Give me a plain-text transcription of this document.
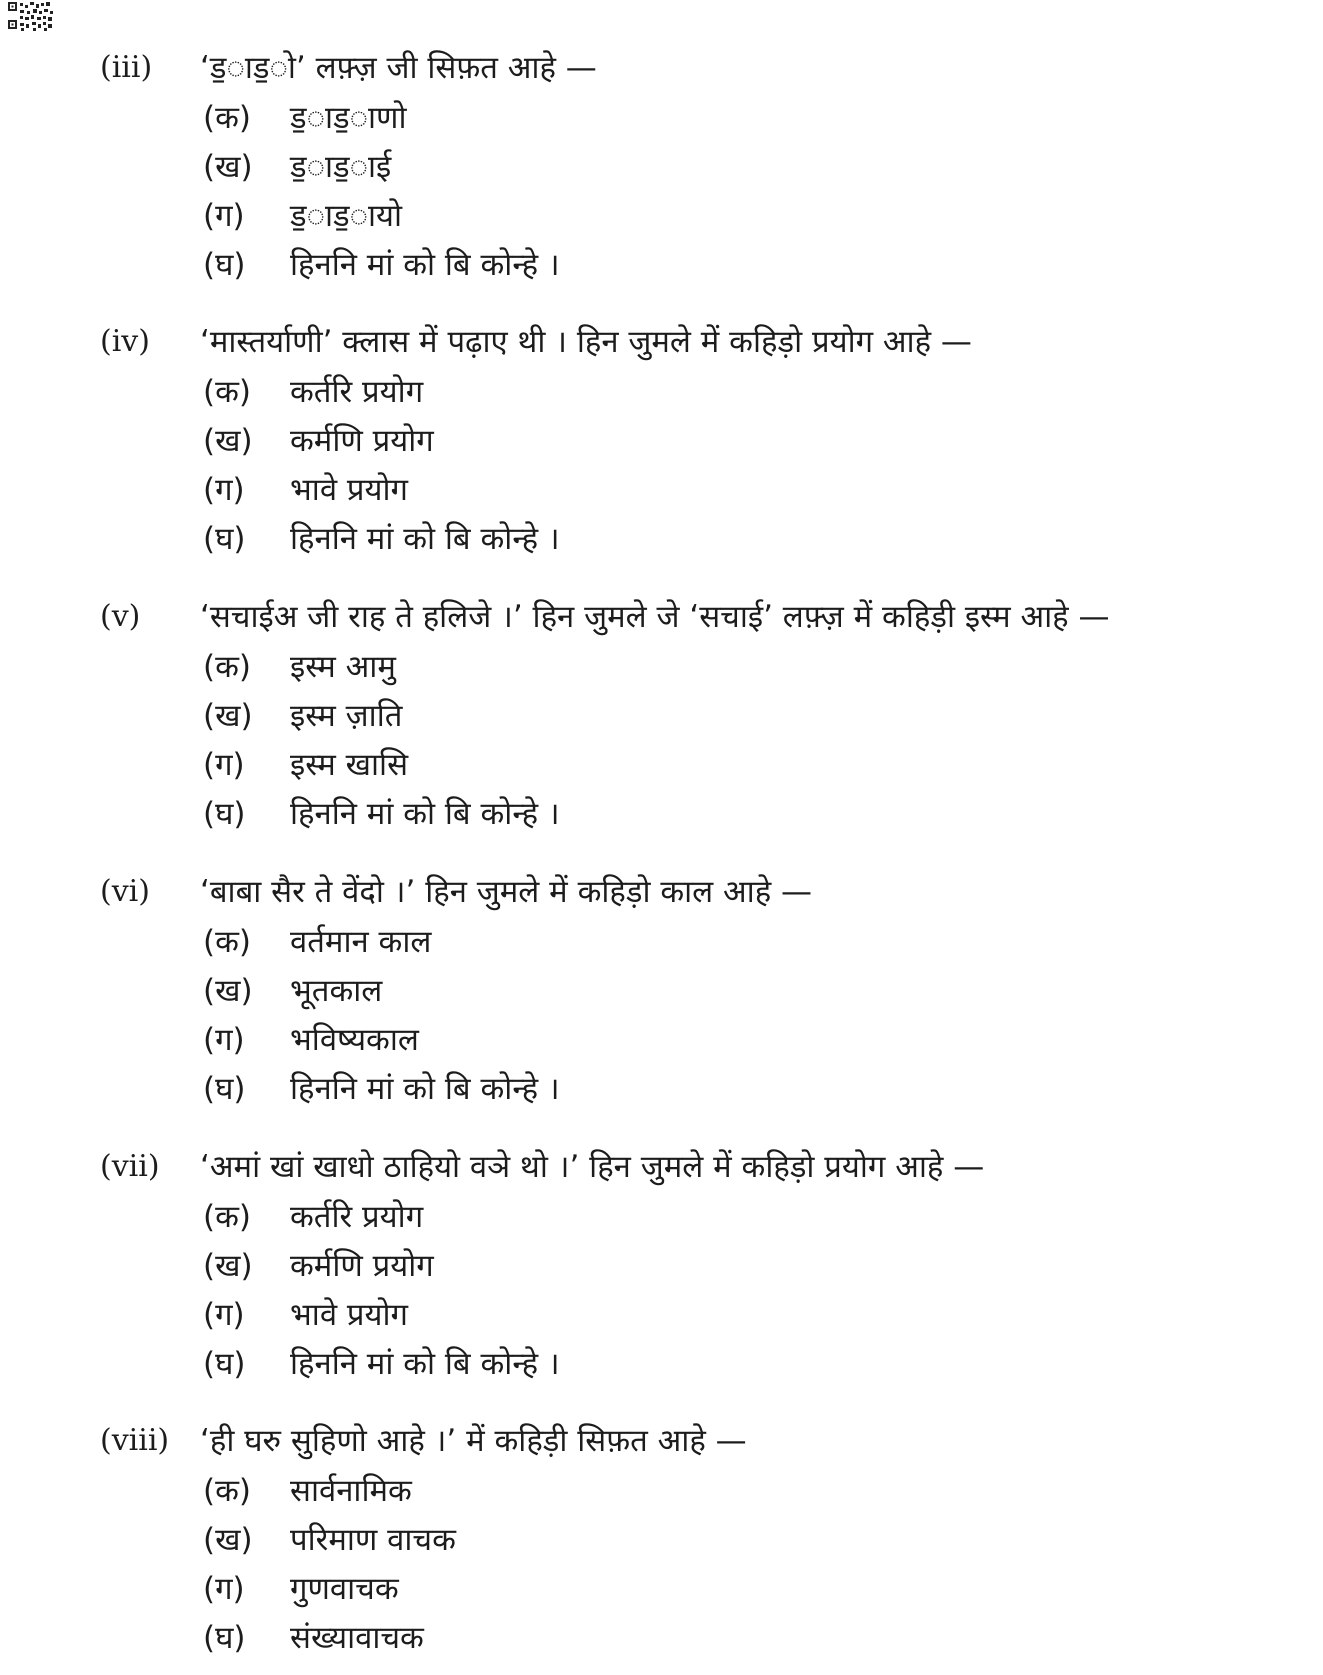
(iii)	‘ड॒ाड॒ो’ लफ़्ज़ जी सिफ़त आहे —
(क) ड॒ाड॒ाणो
(ख) ड॒ाड॒ाई
(ग) ड॒ाड॒ायो
(घ) हिननि मां को बि कोन्हे ।
(iv)	‘मास्तर्याणी’ क्लास में पढ़ाए थी । हिन जुमले में कहिड़ो प्रयोग आहे —
(क) कर्तरि प्रयोग
(ख) कर्मणि प्रयोग
(ग) भावे प्रयोग
(घ) हिननि मां को बि कोन्हे ।
(v)	‘सचाईअ जी राह ते हलिजे ।’ हिन जुमले जे ‘सचाई’ लफ़्ज़ में कहिड़ी इस्म आहे —
(क) इस्म आमु
(ख) इस्म ज़ाति
(ग) इस्म खासि
(घ) हिननि मां को बि कोन्हे ।
(vi)	‘बाबा सैर ते वेंदो ।’ हिन जुमले में कहिड़ो काल आहे —
(क) वर्तमान काल
(ख) भूतकाल
(ग) भविष्यकाल
(घ) हिननि मां को बि कोन्हे ।
(vii)	‘अमां खां खाधो ठाहियो वञे थो ।’ हिन जुमले में कहिड़ो प्रयोग आहे —
(क) कर्तरि प्रयोग
(ख) कर्मणि प्रयोग
(ग) भावे प्रयोग
(घ) हिननि मां को बि कोन्हे ।
(viii) ‘ही घरु सुहिणो आहे ।’ में कहिड़ी सिफ़त आहे —
(क) सार्वनामिक
(ख) परिमाण वाचक
(ग) गुणवाचक
(घ) संख्यावाचक
